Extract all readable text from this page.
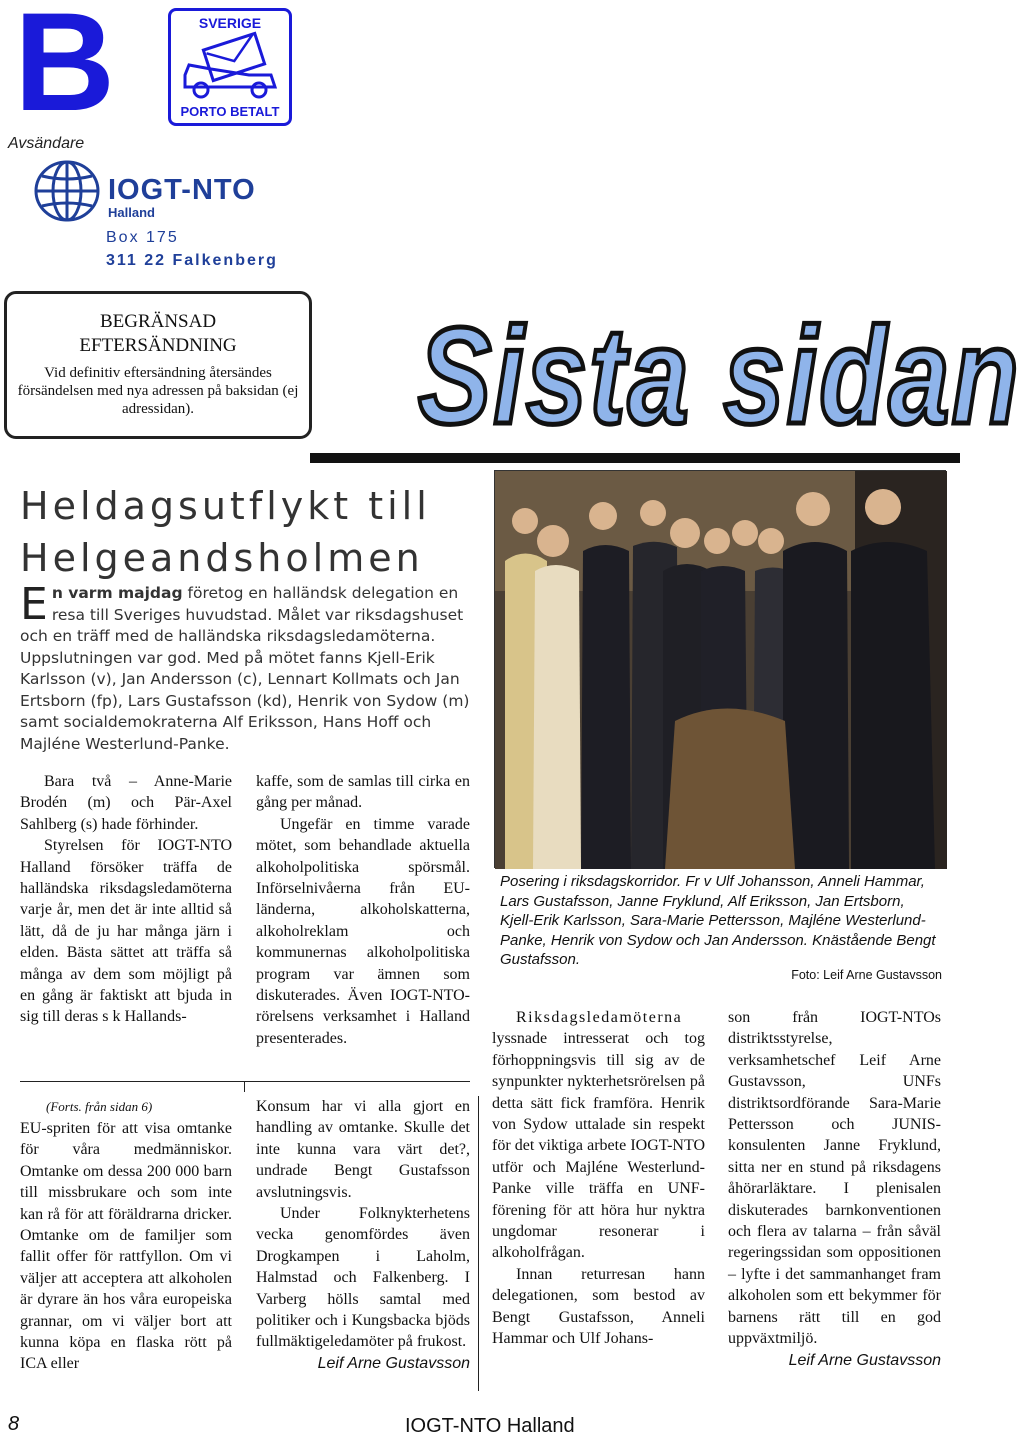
B	SVERIGE
PORTO BETALT
Avsändare
IOGT-NTO
Halland
Box 175
311 22 Falkenberg
BEGRÄNSAD
EFTERSÄNDNING
Vid definitiv eftersändning återsändes försändelsen med nya adressen på baksidan (ej adressidan).	Sista sidan
Heldagsutflykt till
Helgeandsholmen
En varm majdag företog en halländsk delegation en resa till Sveriges huvudstad. Målet var riksdagshuset och en träff med de halländska riksdagsledamöterna. Uppslutningen var god. Med på mötet fanns Kjell-Erik Karlsson (v), Jan Andersson (c), Lennart Kollmats och Jan Ertsborn (fp), Lars Gustafsson (kd), Henrik von Sydow (m) samt socialdemokraterna Alf Eriksson, Hans Hoff och Majléne Westerlund-Panke.

Bara två – Anne-Marie Brodén (m) och Pär-Axel Sahlberg (s) hade förhinder.

Styrelsen för IOGT-NTO Halland försöker träffa de halländska riksdagsledamöterna varje år, men det är inte alltid så lätt, då de ju har många järn i elden. Bästa sättet att träffa så många av dem som möjligt på en gång är faktiskt att bjuda in sig till deras s k Hallands-

kaffe, som de samlas till cirka en gång per månad.

Ungefär en timme varade mötet, som behandlade aktuella alkoholpolitiska spörsmål. Införselnivåerna från EU-länderna, alkoholskatterna, alkoholreklam och kommunernas alkoholpolitiska program var ämnen som diskuterades. Även IOGT-NTO-rörelsens verksamhet i Halland presenterades.

(Forts. från sidan 6)

EU-spriten för att visa omtanke för våra medmänniskor. Omtanke om dessa 200 000 barn till missbrukare och som inte kan rå för att föräldrarna dricker. Omtanke om de familjer som fallit offer för rattfyllon. Om vi väljer att acceptera att alkoholen är dyrare än hos våra europeiska grannar, om vi väljer bort att kunna köpa en flaska rött på ICA eller

Konsum har vi alla gjort en handling av omtanke. Skulle det inte kunna vara värt det?, undrade Bengt Gustafsson avslutningsvis.

Under Folknykterhetens vecka genomfördes även Drogkampen i Laholm, Halmstad och Falkenberg. I Varberg hölls samtal med politiker och i Kungsbacka bjöds fullmäktigeledamöter på frukost.

Leif Arne Gustavsson
Posering i riksdagskorridor. Fr v Ulf Johansson, Anneli Hammar, Lars Gustafsson, Janne Fryklund, Alf Eriksson, Jan Ertsborn, Kjell-Erik Karlsson, Sara-Marie Pettersson, Majléne Westerlund-Panke, Henrik von Sydow och Jan Andersson. Knästående Bengt Gustafsson.
Foto: Leif Arne Gustavsson

Riksdagsledamöterna lyssnade intresserat och tog förhoppningsvis till sig av de synpunkter nykterhetsrörelsen på detta sätt fick framföra. Henrik von Sydow uttalade sin respekt för det viktiga arbete IOGT-NTO utför och Majléne Westerlund-Panke ville träffa en UNF-förening för att höra hur nyktra ungdomar resonerar i alkoholfrågan.

Innan returresan hann delegationen, som bestod av Bengt Gustafsson, Anneli Hammar och Ulf Johans-

son från IOGT-NTOs distriktsstyrelse, verksamhetschef Leif Arne Gustavsson, UNFs distriktsordförande Sara-Marie Pettersson och JUNIS-konsulenten Janne Fryklund, sitta ner en stund på riksdagens åhörarläktare. I plenisalen diskuterades barnkonventionen och flera av talarna – från såväl regeringssidan som oppositionen – lyfte i det sammanhanget fram alkoholen som ett bekymmer för barnens rätt till en god uppväxtmiljö.

Leif Arne Gustavsson
8	IOGT-NTO Halland
